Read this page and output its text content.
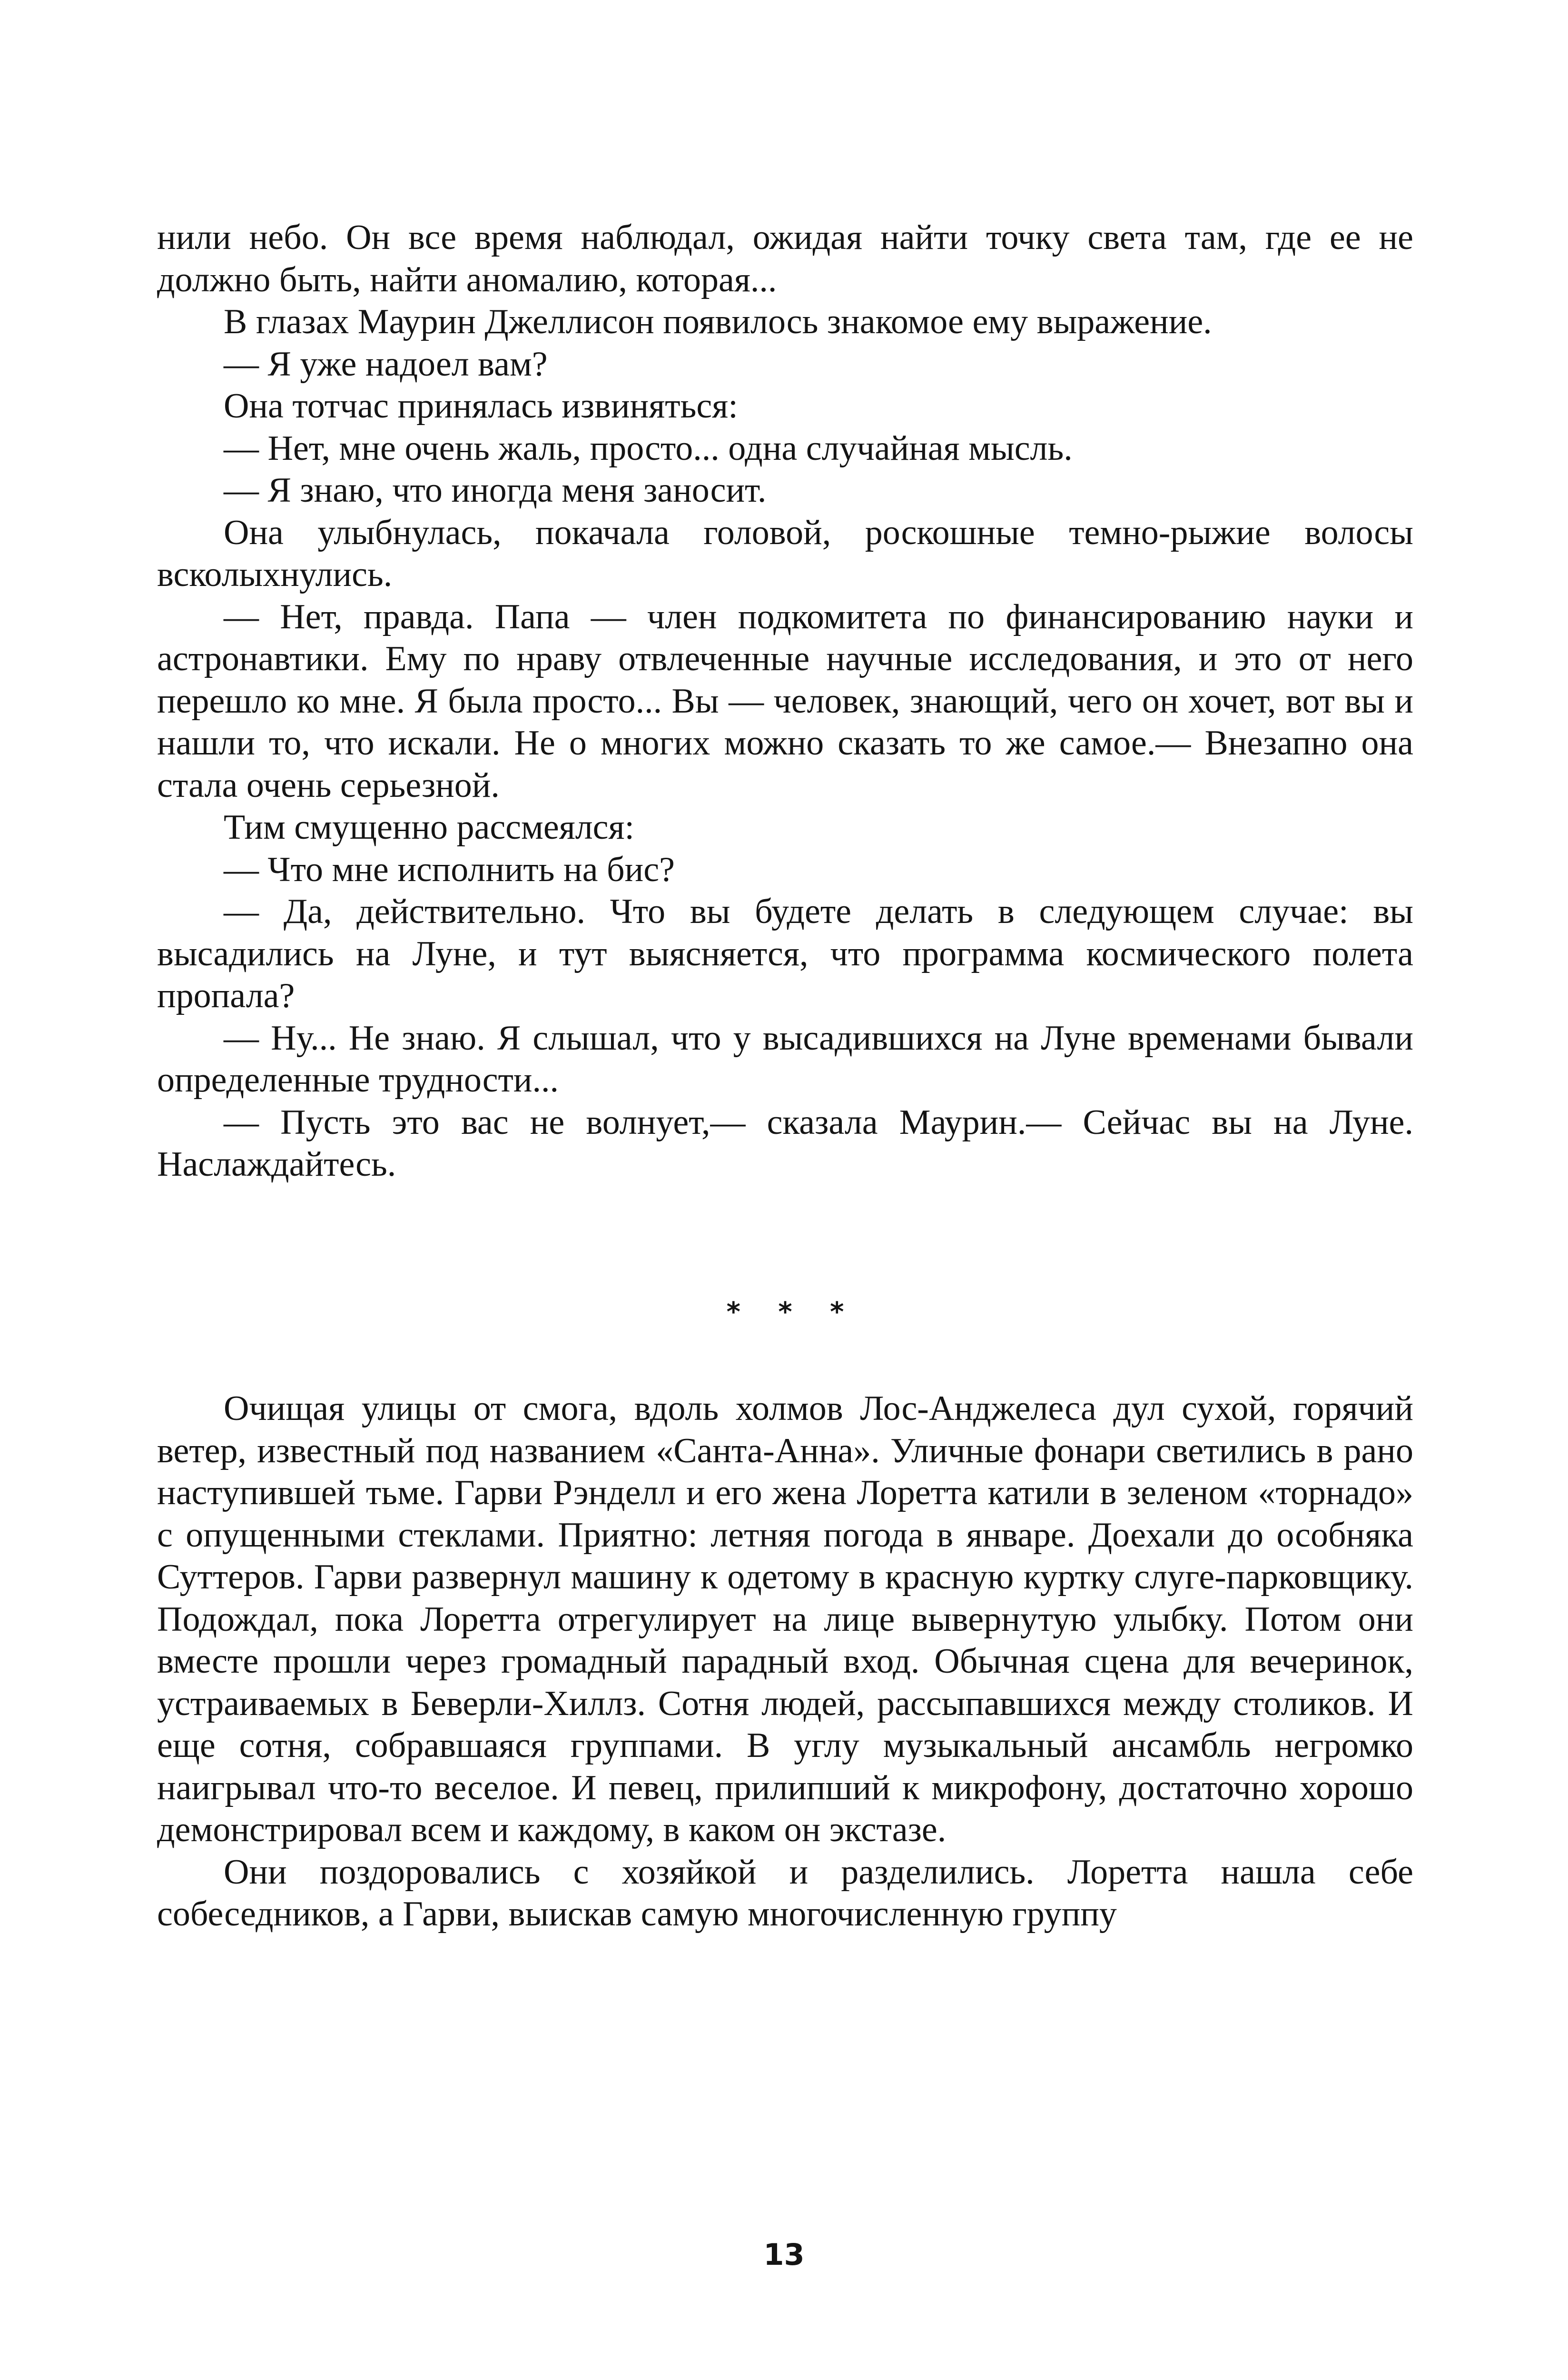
нили небо. Он все время наблюдал, ожидая найти точку света там, где ее не должно быть, найти аномалию, которая...

В глазах Маурин Джеллисон появилось знакомое ему выражение.

— Я уже надоел вам?

Она тотчас принялась извиняться:

— Нет, мне очень жаль, просто... одна случайная мысль.

— Я знаю, что иногда меня заносит.

Она улыбнулась, покачала головой, роскошные темно-рыжие волосы всколыхнулись.

— Нет, правда. Папа — член подкомитета по финансированию науки и астронавтики. Ему по нраву отвлеченные научные исследования, и это от него перешло ко мне. Я была просто... Вы — человек, знающий, чего он хочет, вот вы и нашли то, что искали. Не о многих можно сказать то же самое.— Внезапно она стала очень серьезной.

Тим смущенно рассмеялся:

— Что мне исполнить на бис?

— Да, действительно. Что вы будете делать в следующем случае: вы высадились на Луне, и тут выясняется, что программа космического полета пропала?

— Ну... Не знаю. Я слышал, что у высадившихся на Луне временами бывали определенные трудности...

— Пусть это вас не волнует,— сказала Маурин.— Сейчас вы на Луне. Наслаждайтесь.

* * *

Очищая улицы от смога, вдоль холмов Лос-Анджелеса дул сухой, горячий ветер, известный под названием «Санта-Анна». Уличные фонари светились в рано наступившей тьме. Гарви Рэнделл и его жена Лоретта катили в зеленом «торнадо» с опущенными стеклами. Приятно: летняя погода в январе. Доехали до особняка Суттеров. Гарви развернул машину к одетому в красную куртку слуге-парковщику. Подождал, пока Лоретта отрегулирует на лице вывернутую улыбку. Потом они вместе прошли через громадный парадный вход. Обычная сцена для вечеринок, устраиваемых в Беверли-Хиллз. Сотня людей, рассыпавшихся между столиков. И еще сотня, собравшаяся группами. В углу музыкальный ансамбль негромко наигрывал что-то веселое. И певец, прилипший к микрофону, достаточно хорошо демонстрировал всем и каждому, в каком он экстазе.

Они поздоровались с хозяйкой и разделились. Лоретта нашла себе собеседников, а Гарви, выискав самую многочисленную группу

13
